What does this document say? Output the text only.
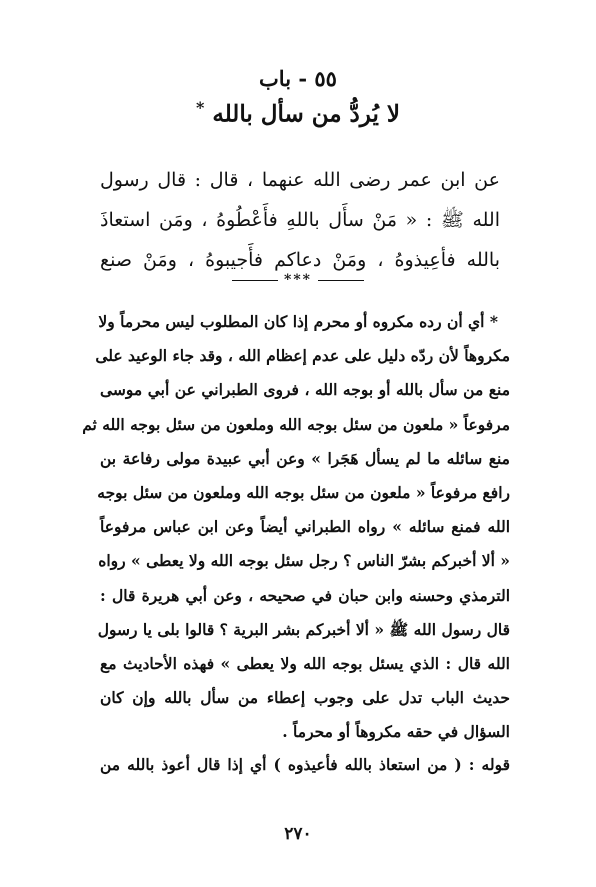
٥٥ - باب
لا يُردُّ من سأل بالله *
عن ابن عمر رضى الله عنهما ، قال : قال رسول
الله ﷺ : « مَنْ سأَل باللهِ فأَعْطُوهُ ، ومَن استعاذَ
بالله فأعِيذوهُ ، ومَنْ دعاكم فأَجيبوهُ ، ومَنْ صنع
***
* أي أن رده مكروه أو محرم إذا كان المطلوب ليس محرماً ولا
مكروهاً لأن ردّه دليل على عدم إعظام الله ، وقد جاء الوعيد على
منع من سأل بالله أو بوجه الله ، فروى الطبراني عن أبي موسى
مرفوعاً « ملعون من سئل بوجه الله وملعون من سئل بوجه الله ثم
منع سائله ما لم يسأل هَجَرا » وعن أبي عبيدة مولى رفاعة بن
رافع مرفوعاً « ملعون من سئل بوجه الله وملعون من سئل بوجه
الله فمنع سائله » رواه الطبراني أيضاً وعن ابن عباس مرفوعاً
« ألا أخبركم بشرّ الناس ؟ رجل سئل بوجه الله ولا يعطى » رواه
الترمذي وحسنه وابن حبان في صحيحه ، وعن أبي هريرة قال :
قال رسول الله ﷺ « ألا أخبركم بشر البرية ؟ قالوا بلى يا رسول
الله قال : الذي يسئل بوجه الله ولا يعطى » فهذه الأحاديث مع
حديث الباب تدل على وجوب إعطاء من سأل بالله وإن كان
السؤال في حقه مكروهاً أو محرماً .
قوله : ( من استعاذ بالله فأعيذوه ) أي إذا قال أعوذ بالله من
٢٧٠
